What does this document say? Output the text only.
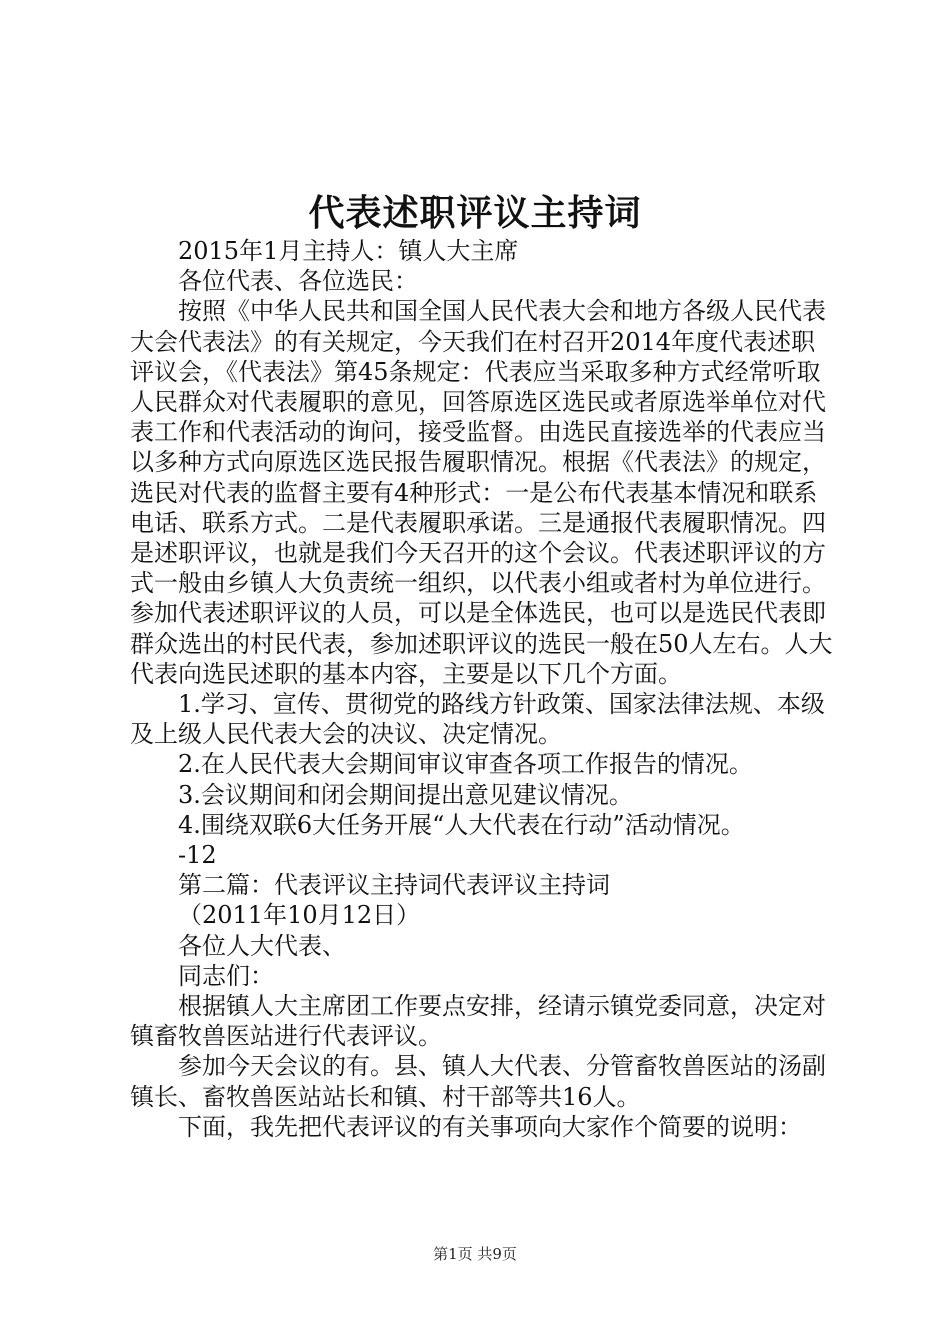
代表述职评议主持词

2015年1月主持人：镇人大主席

各位代表、各位选民：

按照《中华人民共和国全国人民代表大会和地方各级人民代表大会代表法》的有关规定，今天我们在村召开2014年度代表述职评议会，《代表法》第45条规定：代表应当采取多种方式经常听取人民群众对代表履职的意见，回答原选区选民或者原选举单位对代表工作和代表活动的询问，接受监督。由选民直接选举的代表应当以多种方式向原选区选民报告履职情况。根据《代表法》的规定，选民对代表的监督主要有4种形式：一是公布代表基本情况和联系电话、联系方式。二是代表履职承诺。三是通报代表履职情况。四是述职评议，也就是我们今天召开的这个会议。代表述职评议的方式一般由乡镇人大负责统一组织，以代表小组或者村为单位进行。参加代表述职评议的人员，可以是全体选民，也可以是选民代表即群众选出的村民代表，参加述职评议的选民一般在50人左右。人大代表向选民述职的基本内容，主要是以下几个方面。

1.学习、宣传、贯彻党的路线方针政策、国家法律法规、本级及上级人民代表大会的决议、决定情况。

2.在人民代表大会期间审议审查各项工作报告的情况。

3.会议期间和闭会期间提出意见建议情况。

4.围绕双联6大任务开展“人大代表在行动”活动情况。

-12

第二篇：代表评议主持词代表评议主持词

（2011年10月12日）

各位人大代表、

同志们：

根据镇人大主席团工作要点安排，经请示镇党委同意，决定对镇畜牧兽医站进行代表评议。

参加今天会议的有。县、镇人大代表、分管畜牧兽医站的汤副镇长、畜牧兽医站站长和镇、村干部等共16人。

下面，我先把代表评议的有关事项向大家作个简要的说明：

第1页 共9页
